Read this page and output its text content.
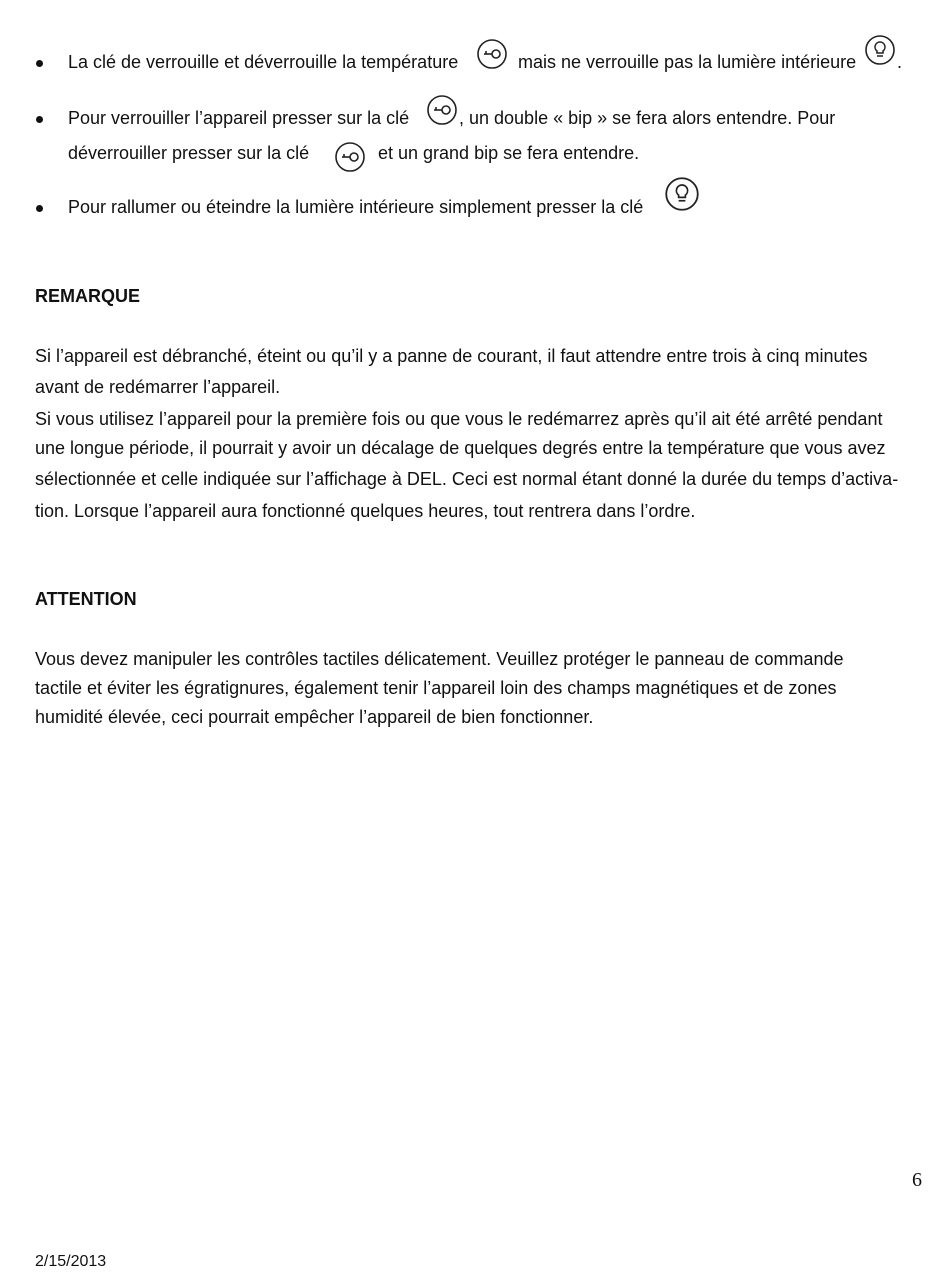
La clé de verrouille et déverrouille la température	mais ne verrouille pas la lumière intérieure .
Pour verrouiller l’appareil presser sur la clé	, un double « bip » se fera alors entendre. Pour
déverrouiller presser sur la clé	et un grand bip se fera entendre.
Pour rallumer ou éteindre la lumière intérieure simplement presser la clé
REMARQUE
Si l’appareil est débranché, éteint ou qu’il y a panne de courant, il faut attendre entre trois à cinq minutes
avant de redémarrer l’appareil.
Si vous utilisez l’appareil pour la première fois ou que vous le redémarrez après qu’il ait été arrêté pendant
une longue période, il pourrait y avoir un décalage de quelques degrés entre la température que vous avez
sélectionnée et celle indiquée sur l’affichage à DEL. Ceci est normal étant donné la durée du temps d’activa-
tion. Lorsque l’appareil aura fonctionné quelques heures, tout rentrera dans l’ordre.
ATTENTION
Vous devez manipuler les contrôles tactiles délicatement. Veuillez protéger le panneau de commande
tactile et éviter les égratignures, également tenir l’appareil loin des champs magnétiques et de zones
humidité élevée, ceci pourrait empêcher l’appareil de bien fonctionner.
6
2/15/2013
